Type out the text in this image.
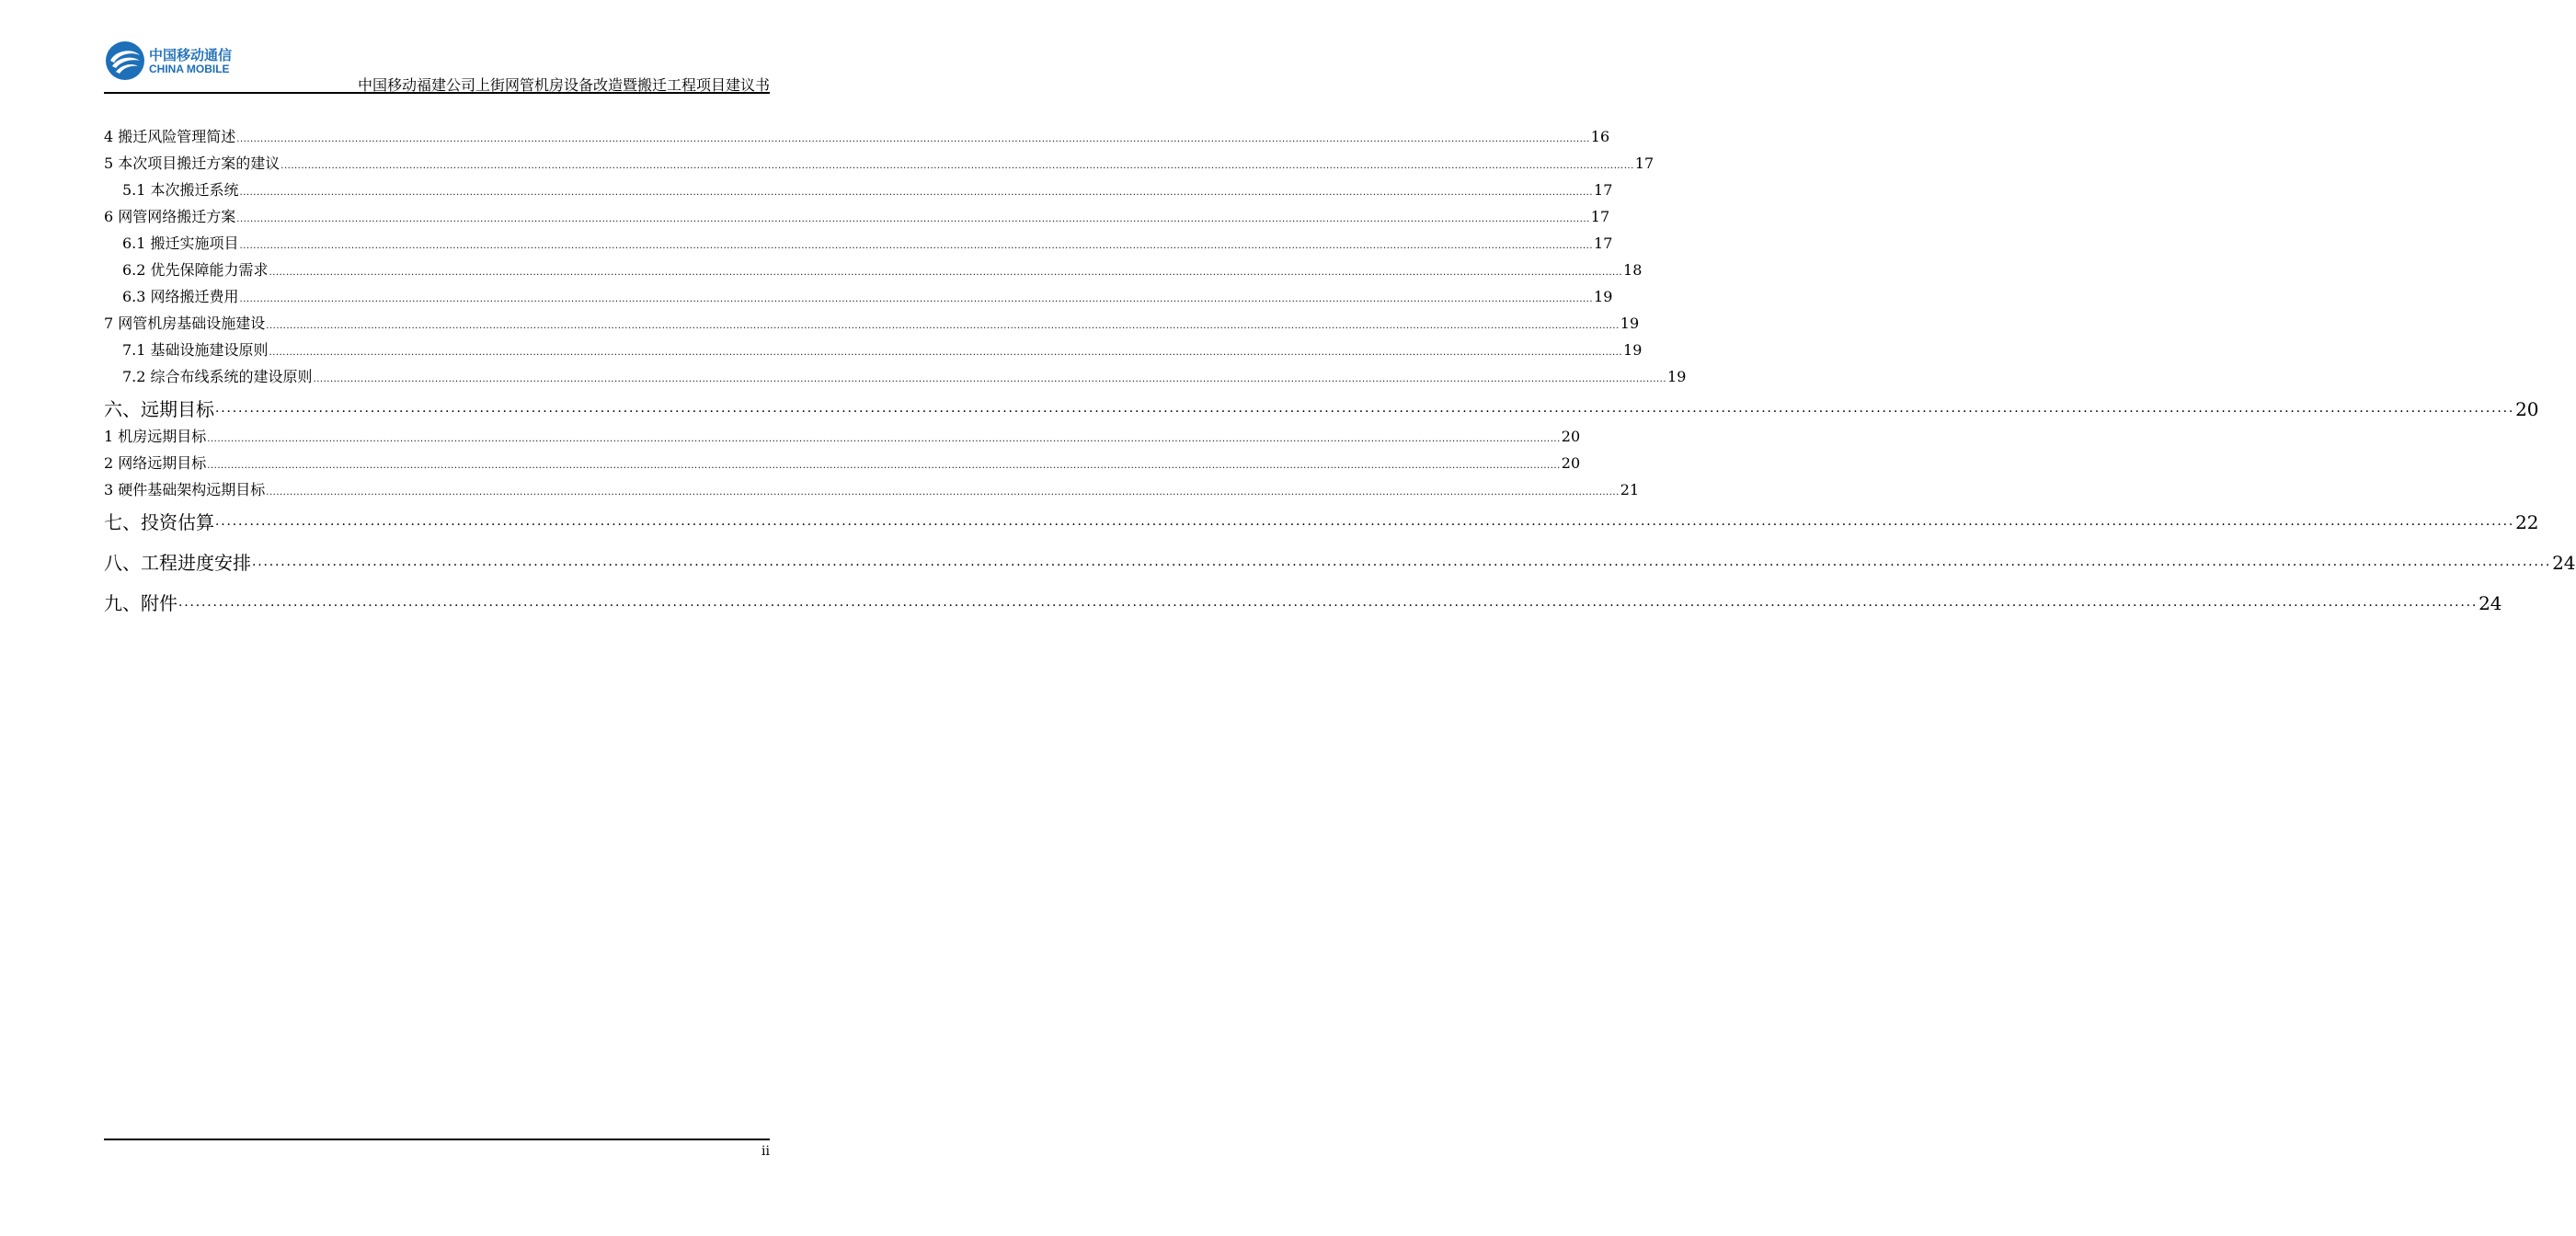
中国移动通信
CHINA MOBILE
中国移动福建公司上街网管机房设备改造暨搬迁工程项目建议书
4 搬迁风险管理简述 ................................................................................................................................................................................................................................................................................................................................................................................................................ 16
5 本次项目搬迁方案的建议 ................................................................................................................................................................................................................................................................................................................................................................................................................ 17
5.1 本次搬迁系统 ................................................................................................................................................................................................................................................................................................................................................................................................................ 17
6 网管网络搬迁方案 ................................................................................................................................................................................................................................................................................................................................................................................................................ 17
6.1 搬迁实施项目 ................................................................................................................................................................................................................................................................................................................................................................................................................ 17
6.2 优先保障能力需求 ................................................................................................................................................................................................................................................................................................................................................................................................................ 18
6.3 网络搬迁费用 ................................................................................................................................................................................................................................................................................................................................................................................................................ 19
7 网管机房基础设施建设 ................................................................................................................................................................................................................................................................................................................................................................................................................ 19
7.1 基础设施建设原则 ................................................................................................................................................................................................................................................................................................................................................................................................................ 19
7.2 综合布线系统的建设原则 ................................................................................................................................................................................................................................................................................................................................................................................................................ 19
六、远期目标 ················································································································································································································································································································································································································ 20
1 机房远期目标 ................................................................................................................................................................................................................................................................................................................................................................................................................ 20
2 网络远期目标 ................................................................................................................................................................................................................................................................................................................................................................................................................ 20
3 硬件基础架构远期目标 ................................................................................................................................................................................................................................................................................................................................................................................................................ 21
七、投资估算 ················································································································································································································································································································································································································ 22
八、工程进度安排 ················································································································································································································································································································································································································ 24
九、附件 ················································································································································································································································································································································································································ 24
ii
